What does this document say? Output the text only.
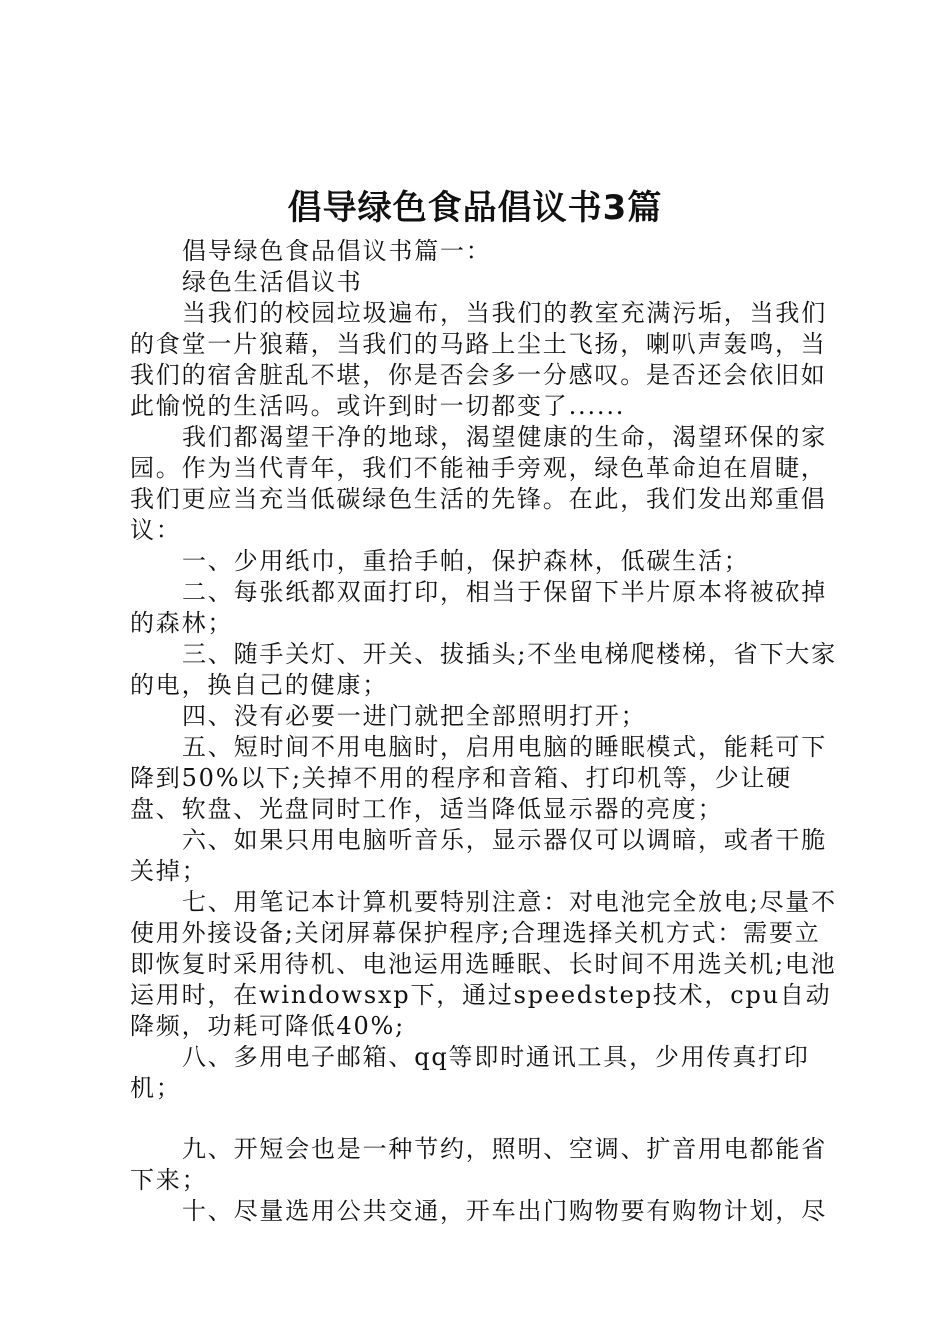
倡导绿色食品倡议书3篇

倡导绿色食品倡议书篇一：

绿色生活倡议书

当我们的校园垃圾遍布，当我们的教室充满污垢，当我们的食堂一片狼藉，当我们的马路上尘土飞扬，喇叭声轰鸣，当我们的宿舍脏乱不堪，你是否会多一分感叹。是否还会依旧如此愉悦的生活吗。或许到时一切都变了......

我们都渴望干净的地球，渴望健康的生命，渴望环保的家园。作为当代青年，我们不能袖手旁观，绿色革命迫在眉睫，我们更应当充当低碳绿色生活的先锋。在此，我们发出郑重倡议：

一、少用纸巾，重拾手帕，保护森林，低碳生活；

二、每张纸都双面打印，相当于保留下半片原本将被砍掉的森林；

三、随手关灯、开关、拔插头;不坐电梯爬楼梯，省下大家的电，换自己的健康；

四、没有必要一进门就把全部照明打开；

五、短时间不用电脑时，启用电脑的睡眠模式，能耗可下降到50%以下;关掉不用的程序和音箱、打印机等，少让硬盘、软盘、光盘同时工作，适当降低显示器的亮度；

六、如果只用电脑听音乐，显示器仅可以调暗，或者干脆关掉；

七、用笔记本计算机要特别注意：对电池完全放电;尽量不使用外接设备;关闭屏幕保护程序;合理选择关机方式：需要立即恢复时采用待机、电池运用选睡眠、长时间不用选关机;电池运用时，在windowsxp下，通过speedstep技术，cpu自动降频，功耗可降低40%;

八、多用电子邮箱、qq等即时通讯工具，少用传真打印机；

九、开短会也是一种节约，照明、空调、扩音用电都能省下来；

十、尽量选用公共交通，开车出门购物要有购物计划，尽
